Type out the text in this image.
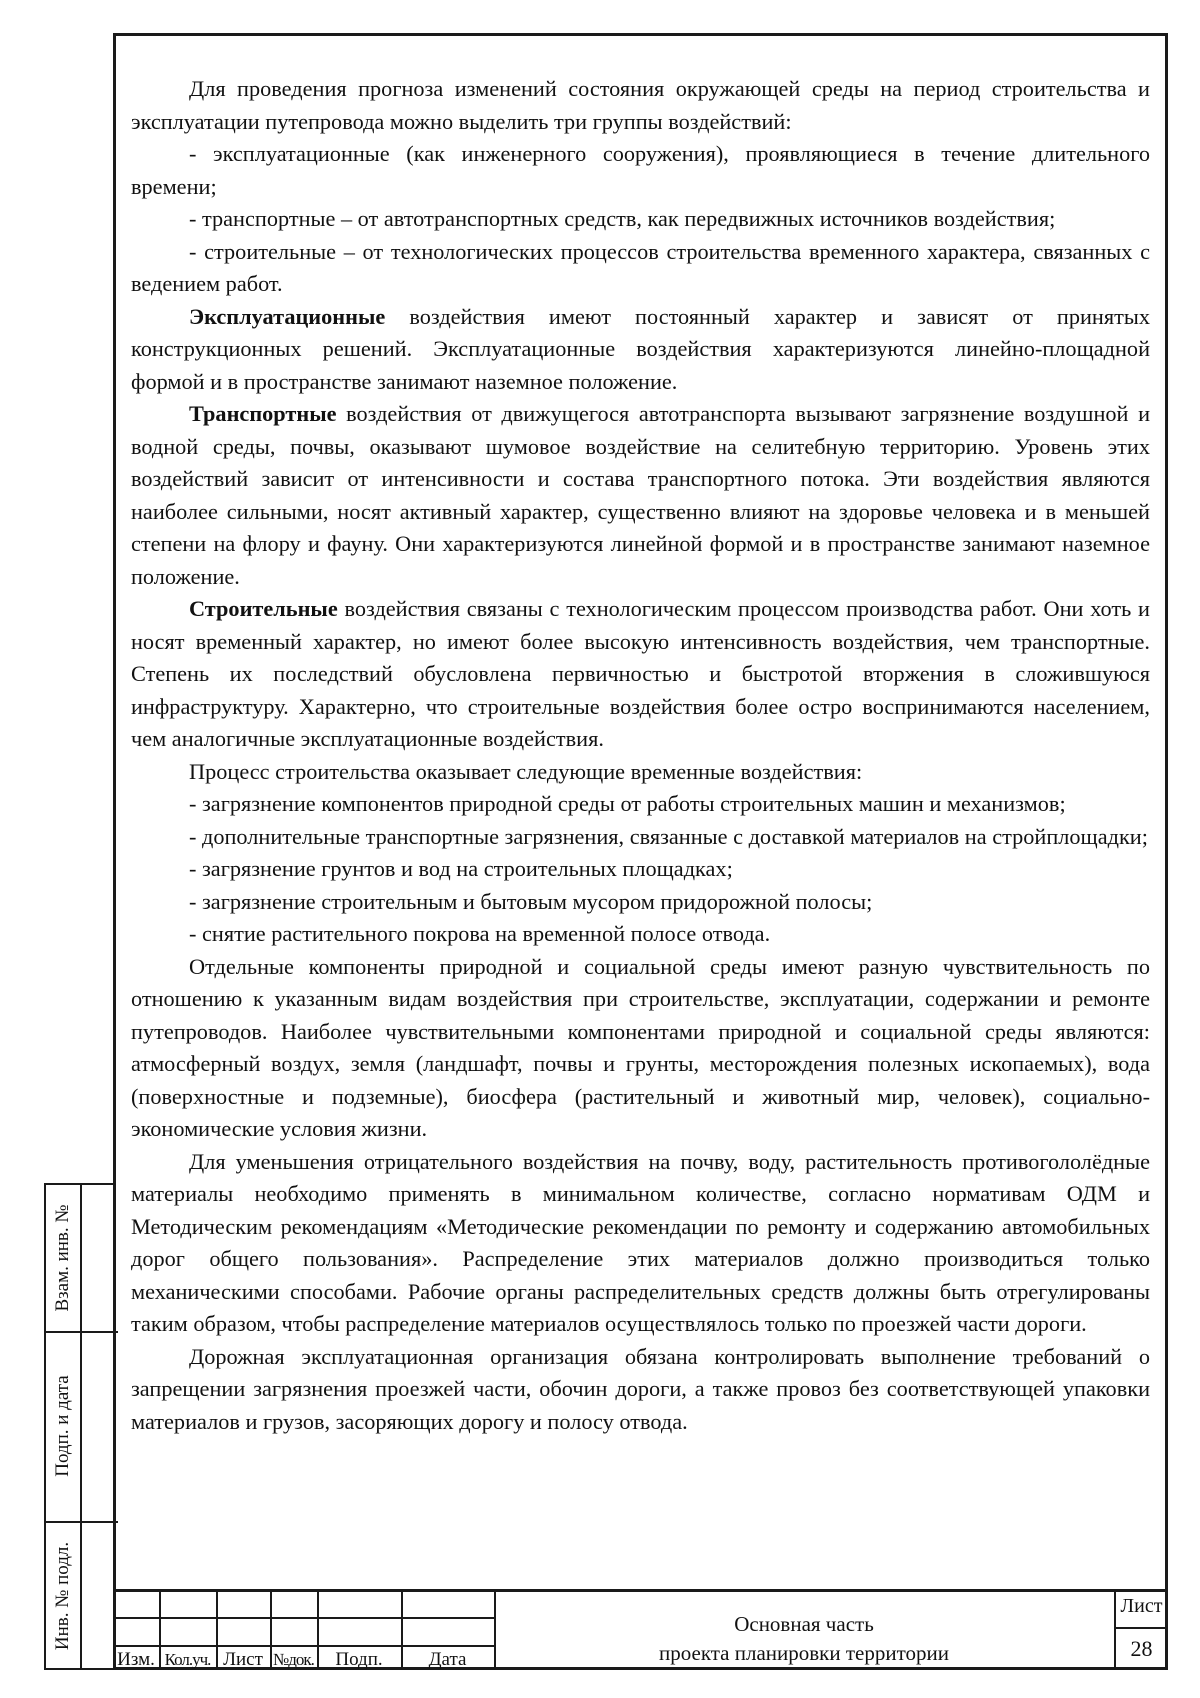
Для проведения прогноза изменений состояния окружающей среды на период строительства и эксплуатации путепровода можно выделить три группы воздействий:

- эксплуатационные (как инженерного сооружения), проявляющиеся в течение длительного времени;

- транспортные – от автотранспортных средств, как передвижных источников воздействия;

- строительные – от технологических процессов строительства временного характера, связанных с ведением работ.

Эксплуатационные воздействия имеют постоянный характер и зависят от принятых конструкционных решений. Эксплуатационные воздействия характеризуются линейно-площадной формой и в пространстве занимают наземное положение.

Транспортные воздействия от движущегося автотранспорта вызывают загрязнение воздушной и водной среды, почвы, оказывают шумовое воздействие на селитебную территорию. Уровень этих воздействий зависит от интенсивности и состава транспортного потока. Эти воздействия являются наиболее сильными, носят активный характер, существенно влияют на здоровье человека и в меньшей степени на флору и фауну. Они характеризуются линейной формой и в пространстве занимают наземное положение.

Строительные воздействия связаны с технологическим процессом производства работ. Они хоть и носят временный характер, но имеют более высокую интенсивность воздействия, чем транспортные. Степень их последствий обусловлена первичностью и быстротой вторжения в сложившуюся инфраструктуру. Характерно, что строительные воздействия более остро воспринимаются населением, чем аналогичные эксплуатационные воздействия.

Процесс строительства оказывает следующие временные воздействия:

- загрязнение компонентов природной среды от работы строительных машин и механизмов;

- дополнительные транспортные загрязнения, связанные с доставкой материалов на стройплощадки;

- загрязнение грунтов и вод на строительных площадках;

- загрязнение строительным и бытовым мусором придорожной полосы;

- снятие растительного покрова на временной полосе отвода.

Отдельные компоненты природной и социальной среды имеют разную чувствительность по отношению к указанным видам воздействия при строительстве, эксплуатации, содержании и ремонте путепроводов. Наиболее чувствительными компонентами природной и социальной среды являются: атмосферный воздух, земля (ландшафт, почвы и грунты, месторождения полезных ископаемых), вода (поверхностные и подземные), биосфера (растительный и животный мир, человек), социально-экономические условия жизни.

Для уменьшения отрицательного воздействия на почву, воду, растительность противогололёдные материалы необходимо применять в минимальном количестве, согласно нормативам ОДМ и Методическим рекомендациям «Методические рекомендации по ремонту и содержанию автомобильных дорог общего пользования». Распределение этих материалов должно производиться только механическими способами. Рабочие органы распределительных средств должны быть отрегулированы таким образом, чтобы распределение материалов осуществлялось только по проезжей части дороги.

Дорожная эксплуатационная организация обязана контролировать выполнение требований о запрещении загрязнения проезжей части, обочин дороги, а также провоз без соответствующей упаковки материалов и грузов, засоряющих дорогу и полосу отвода.

Взам. инв. №
Подп. и дата
Инв. № подл.
Изм. Кол.уч. Лист №док.	Подп.	Дата
Основная часть
проекта планировки территории
Лист
28
